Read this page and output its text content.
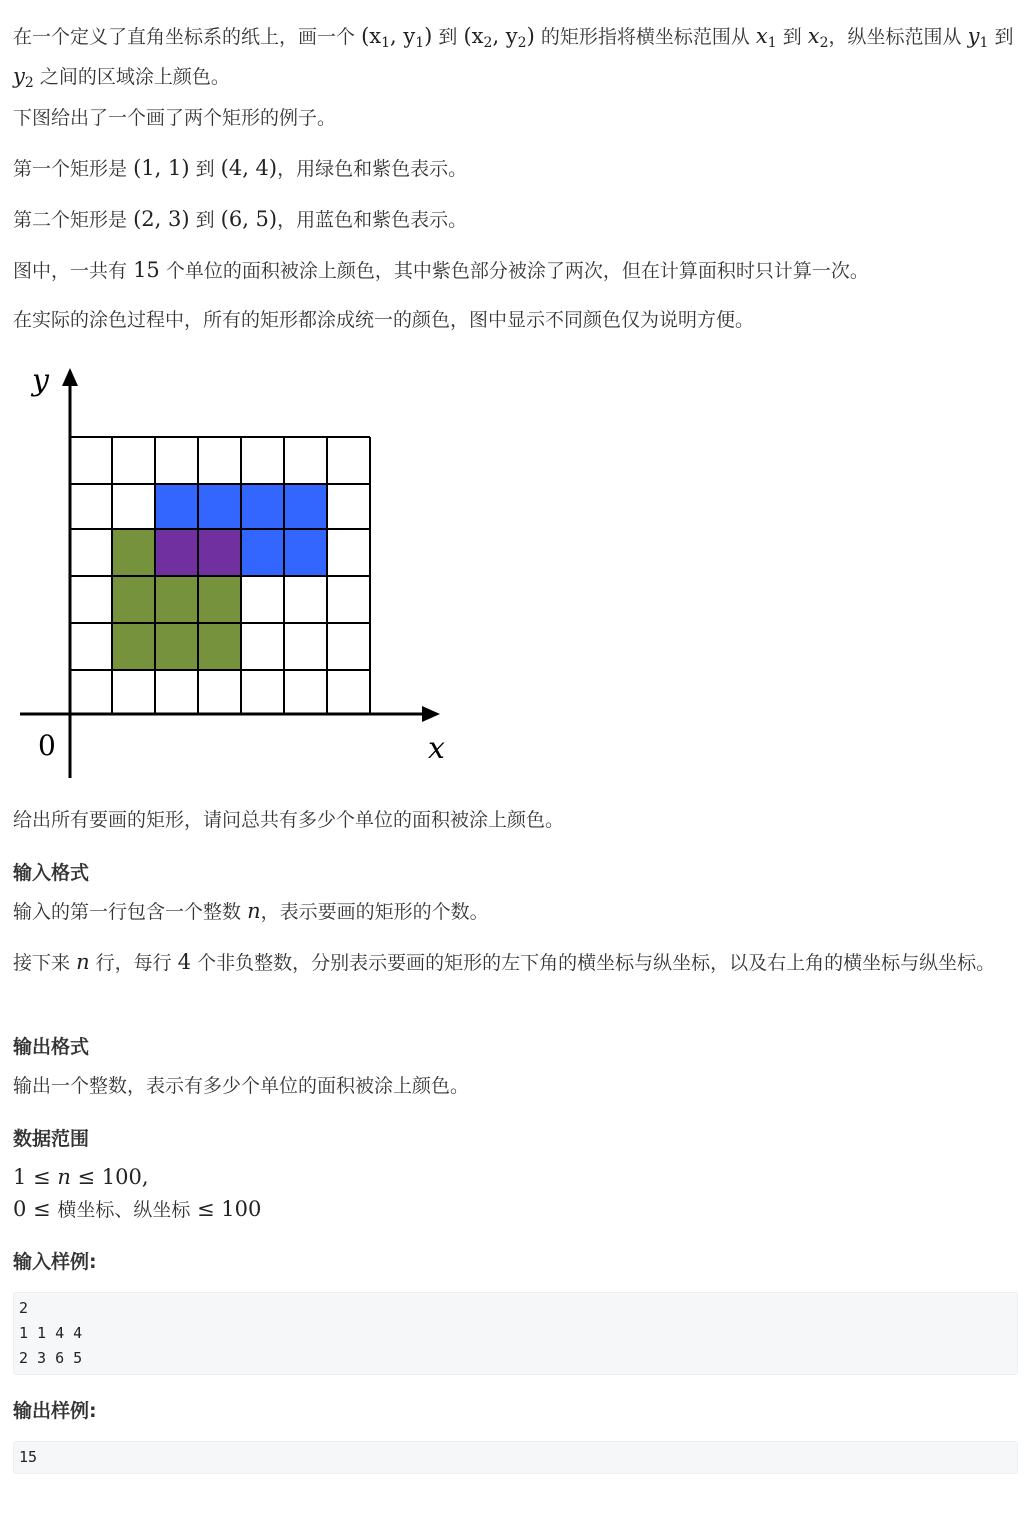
在一个定义了直角坐标系的纸上，画一个 ($x_1$, $y_1$) 到 ($x_2$, $y_2$) 的矩形指将横坐标范围从 $x_1$ 到 $x_2$，纵坐标范围从 $y_1$ 到 $y_2$ 之间的区域涂上颜色。

下图给出了一个画了两个矩形的例子。

第一个矩形是 (1, 1) 到 (4, 4)，用绿色和紫色表示。

第二个矩形是 (2, 3) 到 (6, 5)，用蓝色和紫色表示。

图中，一共有 15 个单位的面积被涂上颜色，其中紫色部分被涂了两次，但在计算面积时只计算一次。

在实际的涂色过程中，所有的矩形都涂成统一的颜色，图中显示不同颜色仅为说明方便。

y
x
0

给出所有要画的矩形，请问总共有多少个单位的面积被涂上颜色。

输入格式

输入的第一行包含一个整数 n，表示要画的矩形的个数。

接下来 n 行，每行 4 个非负整数，分别表示要画的矩形的左下角的横坐标与纵坐标，以及右上角的横坐标与纵坐标。

输出格式

输出一个整数，表示有多少个单位的面积被涂上颜色。

数据范围

1 ≤ n ≤ 100,

0 ≤ 横坐标、纵坐标 ≤ 100

输入样例:
2
1 1 4 4
2 3 6 5
输出样例:
15
